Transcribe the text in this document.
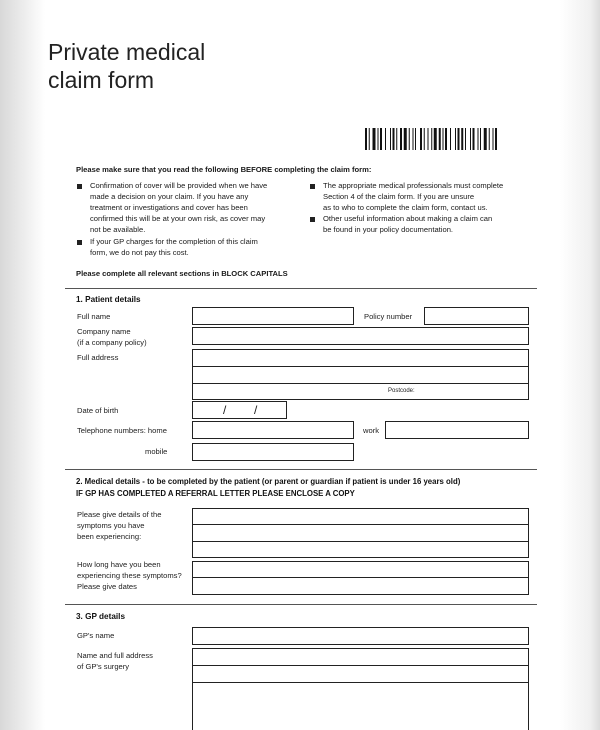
Private medical
claim form
Please make sure that you read the following BEFORE completing the claim form:
Confirmation of cover will be provided when we have
made a decision on your claim. If you have any
treatment or investigations and cover has been
confirmed this will be at your own risk, as cover may
not be available.
If your GP charges for the completion of this claim
form, we do not pay this cost.
The appropriate medical professionals must complete
Section 4 of the claim form. If you are unsure
as to who to complete the claim form, contact us.
Other useful information about making a claim can
be found in your policy documentation.
Please complete all relevant sections in BLOCK CAPITALS
1. Patient details
Full name	Policy number
Company name
(if a company policy)
Full address
Postcode:
Date of birth	/ /
Telephone numbers: home	work
mobile
2. Medical details - to be completed by the patient (or parent or guardian if patient is under 16 years old)
IF GP HAS COMPLETED A REFERRAL LETTER PLEASE ENCLOSE A COPY
Please give details of the
symptoms you have
been experiencing:
How long have you been
experiencing these symptoms?
Please give dates
3. GP details
GP's name
Name and full address
of GP's surgery
